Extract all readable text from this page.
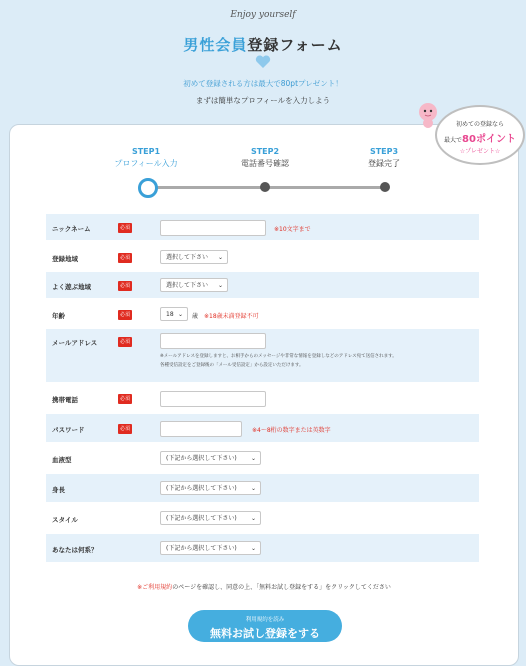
Enjoy yourself
男性会員登録フォーム
初めて登録される方は最大で80ptプレゼント！
まずは簡単なプロフィールを入力しよう
STEP1
プロフィール入力
STEP2
電話番号確認
STEP3
登録完了
ニックネーム	必須	※10文字まで
登録地域	必須	選択して下さい ⌄
よく遊ぶ地域	必須	選択して下さい ⌄
年齢	必須	18 ⌄ 歳 ※18歳未満登録不可
メールアドレス	必須
※メールアドレスを登録しますと、お相手からのメッセージや非常な情報を登録しなどのアドレス宛て送信されます。
各種受信設定をご登録後の「メール受信設定」から設定いただけます。
携帯電話	必須
パスワード	必須	※4〜8桁の数字または英数字
血液型	(下記から選択して下さい) ⌄
身長	(下記から選択して下さい) ⌄
スタイル	(下記から選択して下さい) ⌄
あなたは何系？	(下記から選択して下さい) ⌄
※ご利用規約のページを確認し、同意の上、「無料お試し登録をする」をクリックしてください
利用規約を読み
無料お試し登録をする
初めての登録なら
最大で80ポイント
☆プレゼント☆
